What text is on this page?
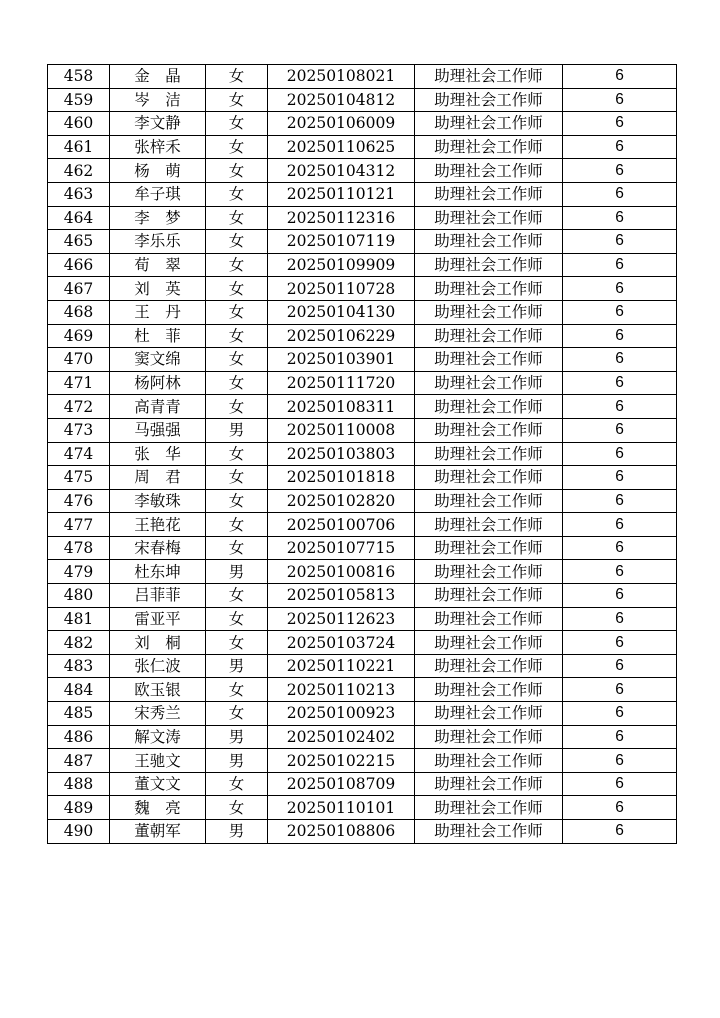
458	金　晶	女	20250108021	助理社会工作师	6
459	岑　洁	女	20250104812	助理社会工作师	6
460	李文静	女	20250106009	助理社会工作师	6
461	张梓禾	女	20250110625	助理社会工作师	6
462	杨　萌	女	20250104312	助理社会工作师	6
463	牟子琪	女	20250110121	助理社会工作师	6
464	李　梦	女	20250112316	助理社会工作师	6
465	李乐乐	女	20250107119	助理社会工作师	6
466	荀　翠	女	20250109909	助理社会工作师	6
467	刘　英	女	20250110728	助理社会工作师	6
468	王　丹	女	20250104130	助理社会工作师	6
469	杜　菲	女	20250106229	助理社会工作师	6
470	窦文绵	女	20250103901	助理社会工作师	6
471	杨阿林	女	20250111720	助理社会工作师	6
472	高青青	女	20250108311	助理社会工作师	6
473	马强强	男	20250110008	助理社会工作师	6
474	张　华	女	20250103803	助理社会工作师	6
475	周　君	女	20250101818	助理社会工作师	6
476	李敏珠	女	20250102820	助理社会工作师	6
477	王艳花	女	20250100706	助理社会工作师	6
478	宋春梅	女	20250107715	助理社会工作师	6
479	杜东坤	男	20250100816	助理社会工作师	6
480	吕菲菲	女	20250105813	助理社会工作师	6
481	雷亚平	女	20250112623	助理社会工作师	6
482	刘　桐	女	20250103724	助理社会工作师	6
483	张仁波	男	20250110221	助理社会工作师	6
484	欧玉银	女	20250110213	助理社会工作师	6
485	宋秀兰	女	20250100923	助理社会工作师	6
486	解文涛	男	20250102402	助理社会工作师	6
487	王驰文	男	20250102215	助理社会工作师	6
488	董文文	女	20250108709	助理社会工作师	6
489	魏　亮	女	20250110101	助理社会工作师	6
490	董朝军	男	20250108806	助理社会工作师	6
